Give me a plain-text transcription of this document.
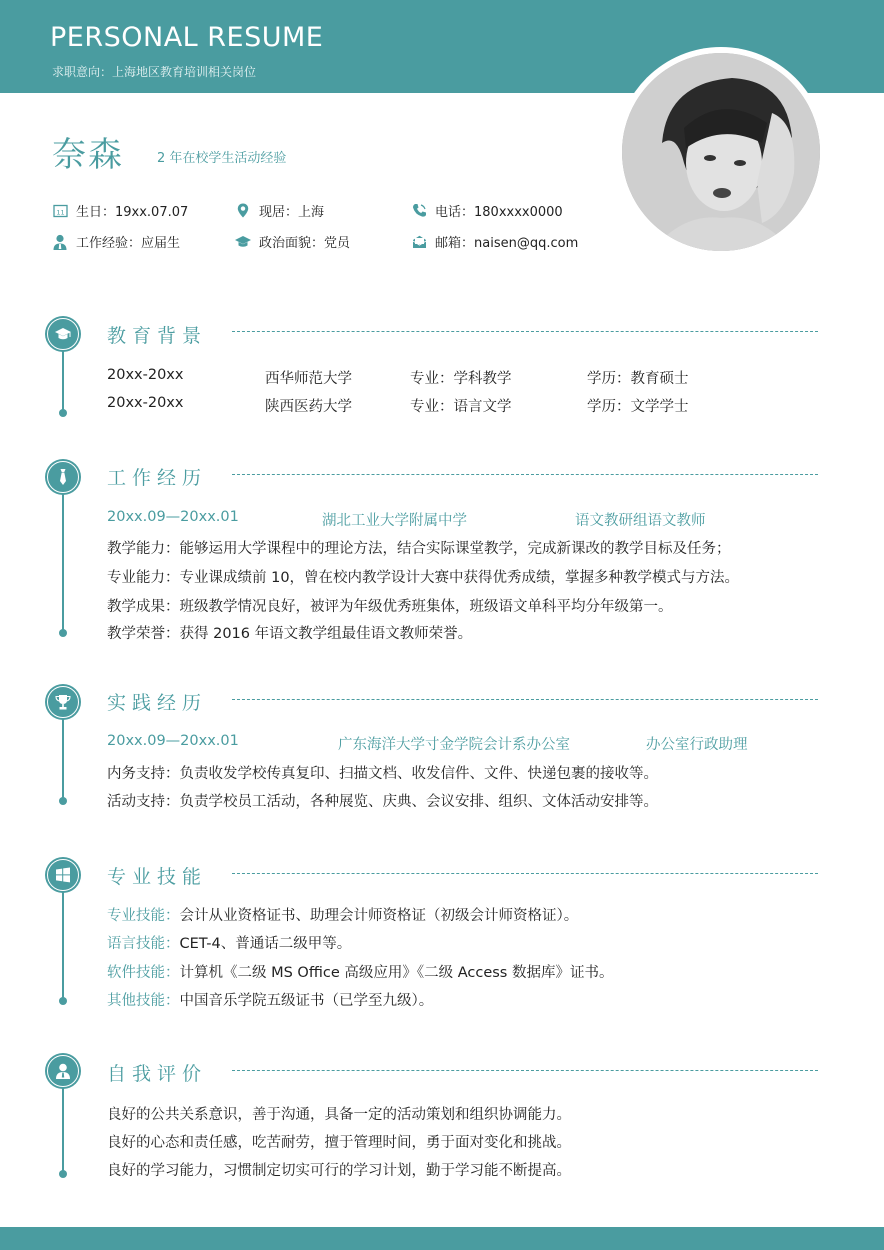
PERSONAL RESUME
求职意向：上海地区教育培训相关岗位
奈森	2 年在校学生活动经验
11 生日：19xx.07.07	现居：上海	电话：180xxxx0000
工作经验：应届生	政治面貌：党员	邮箱：naisen@qq.com
教育背景
20xx-20xx	西华师范大学	专业：学科教学	学历：教育硕士
20xx-20xx	陕西医药大学	专业：语言文学	学历：文学学士
工作经历
20xx.09—20xx.01	湖北工业大学附属中学	语文教研组语文教师
教学能力：能够运用大学课程中的理论方法，结合实际课堂教学，完成新课改的教学目标及任务；
专业能力：专业课成绩前 10，曾在校内教学设计大赛中获得优秀成绩，掌握多种教学模式与方法。
教学成果：班级教学情况良好，被评为年级优秀班集体，班级语文单科平均分年级第一。
教学荣誉：获得 2016 年语文教学组最佳语文教师荣誉。
实践经历
20xx.09—20xx.01	广东海洋大学寸金学院会计系办公室	办公室行政助理
内务支持：负责收发学校传真复印、扫描文档、收发信件、文件、快递包裹的接收等。
活动支持：负责学校员工活动，各种展览、庆典、会议安排、组织、文体活动安排等。
专业技能
专业技能：会计从业资格证书、助理会计师资格证（初级会计师资格证）。
语言技能：CET-4、普通话二级甲等。
软件技能：计算机《二级 MS Office 高级应用》《二级 Access 数据库》证书。
其他技能：中国音乐学院五级证书（已学至九级）。
自我评价
良好的公共关系意识，善于沟通，具备一定的活动策划和组织协调能力。
良好的心态和责任感，吃苦耐劳，擅于管理时间，勇于面对变化和挑战。
良好的学习能力，习惯制定切实可行的学习计划，勤于学习能不断提高。
